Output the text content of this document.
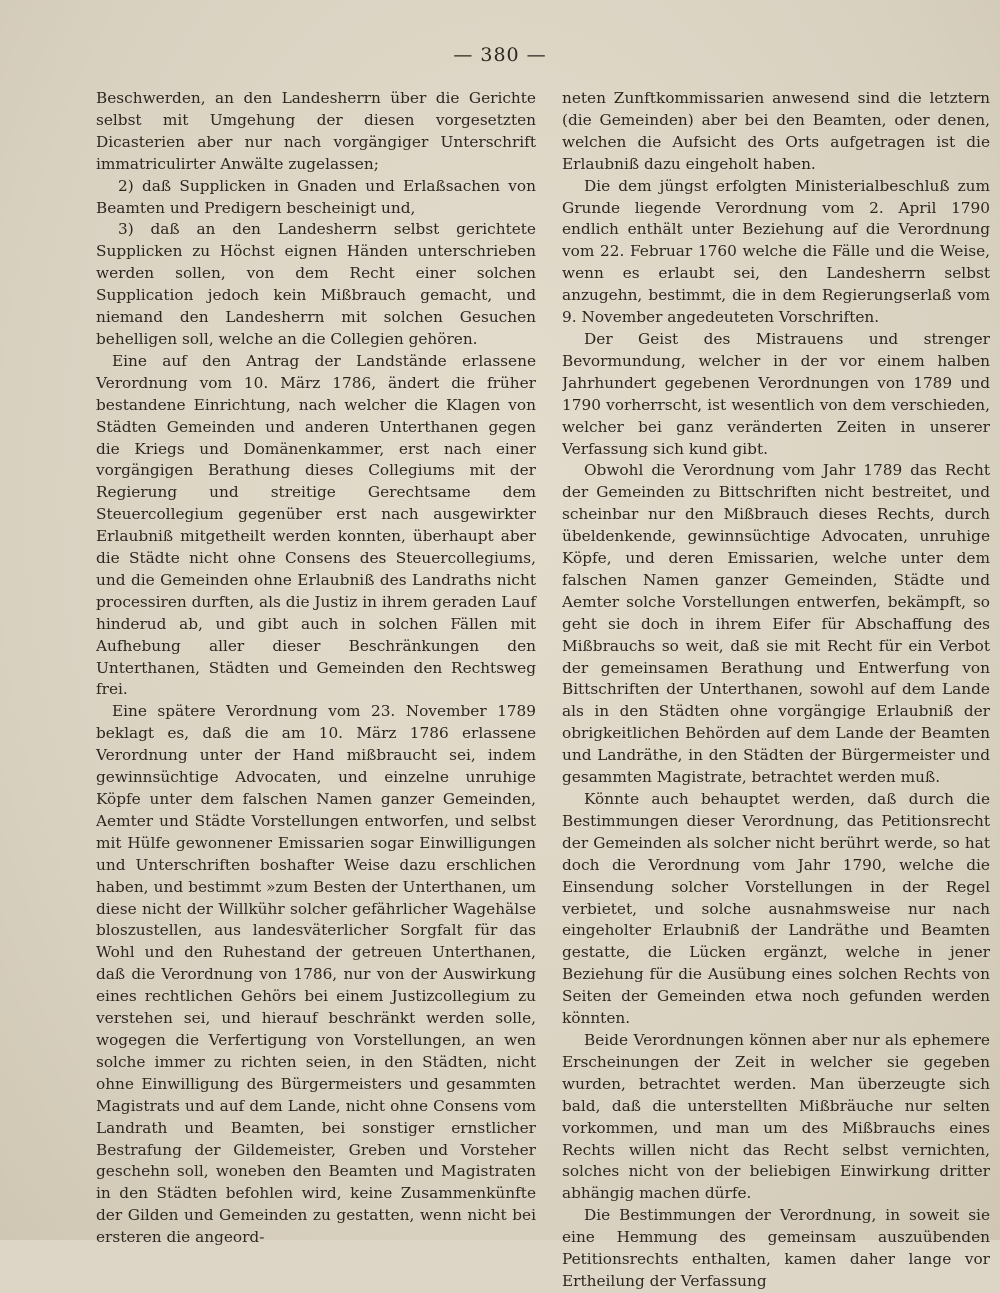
— 380 —

Beschwerden, an den Landesherrn über die Gerichte selbst mit Umgehung der diesen vorgesetzten Dicasterien aber nur nach vorgängiger Unterschrift immatriculirter Anwälte zugelassen;

2) daß Supplicken in Gnaden und Erlaßsachen von Beamten und Predigern bescheinigt und,

3) daß an den Landesherrn selbst gerichtete Supplicken zu Höchst eignen Händen unterschrieben werden sollen, von dem Recht einer solchen Supplication jedoch kein Mißbrauch gemacht, und niemand den Landesherrn mit solchen Gesuchen behelligen soll, welche an die Collegien gehören.

Eine auf den Antrag der Landstände erlassene Verordnung vom 10. März 1786, ändert die früher bestandene Einrichtung, nach welcher die Klagen von Städten Gemeinden und anderen Unterthanen gegen die Kriegs und Domänenkammer, erst nach einer vorgängigen Berathung dieses Collegiums mit der Regierung und streitige Gerechtsame dem Steuercollegium gegenüber erst nach ausgewirkter Erlaubniß mitgetheilt werden konnten, überhaupt aber die Städte nicht ohne Consens des Steuercollegiums, und die Gemeinden ohne Erlaubniß des Landraths nicht processiren durften, als die Justiz in ihrem geraden Lauf hinderud ab, und gibt auch in solchen Fällen mit Aufhebung aller dieser Beschränkungen den Unterthanen, Städten und Gemeinden den Rechtsweg frei.

Eine spätere Verordnung vom 23. November 1789 beklagt es, daß die am 10. März 1786 erlassene Verordnung unter der Hand mißbraucht sei, indem gewinnsüchtige Advocaten, und einzelne unruhige Köpfe unter dem falschen Namen ganzer Gemeinden, Aemter und Städte Vorstellungen entworfen, und selbst mit Hülfe gewonnener Emissarien sogar Einwilligungen und Unterschriften boshafter Weise dazu erschlichen haben, und bestimmt »zum Besten der Unterthanen, um diese nicht der Willkühr solcher gefährlicher Wagehälse bloszustellen, aus landesväterlicher Sorgfalt für das Wohl und den Ruhestand der getreuen Unterthanen, daß die Verordnung von 1786, nur von der Auswirkung eines rechtlichen Gehörs bei einem Justizcollegium zu verstehen sei, und hierauf beschränkt werden solle, wogegen die Verfertigung von Vorstellungen, an wen solche immer zu richten seien, in den Städten, nicht ohne Einwilligung des Bürgermeisters und gesammten Magistrats und auf dem Lande, nicht ohne Consens vom Landrath und Beamten, bei sonstiger ernstlicher Bestrafung der Gildemeister, Greben und Vorsteher geschehn soll, woneben den Beamten und Magistraten in den Städten befohlen wird, keine Zusammenkünfte der Gilden und Gemeinden zu gestatten, wenn nicht bei ersteren die angeord-

neten Zunftkommissarien anwesend sind die letztern (die Gemeinden) aber bei den Beamten, oder denen, welchen die Aufsicht des Orts aufgetragen ist die Erlaubniß dazu eingeholt haben.

Die dem jüngst erfolgten Ministerialbeschluß zum Grunde liegende Verordnung vom 2. April 1790 endlich enthält unter Beziehung auf die Verordnung vom 22. Februar 1760 welche die Fälle und die Weise, wenn es erlaubt sei, den Landesherrn selbst anzugehn, bestimmt, die in dem Regierungserlaß vom 9. November angedeuteten Vorschriften.

Der Geist des Mistrauens und strenger Bevormundung, welcher in der vor einem halben Jahrhundert gegebenen Verordnungen von 1789 und 1790 vorherrscht, ist wesentlich von dem verschieden, welcher bei ganz veränderten Zeiten in unserer Verfassung sich kund gibt.

Obwohl die Verordnung vom Jahr 1789 das Recht der Gemeinden zu Bittschriften nicht bestreitet, und scheinbar nur den Mißbrauch dieses Rechts, durch übeldenkende, gewinnsüchtige Advocaten, unruhige Köpfe, und deren Emissarien, welche unter dem falschen Namen ganzer Gemeinden, Städte und Aemter solche Vorstellungen entwerfen, bekämpft, so geht sie doch in ihrem Eifer für Abschaffung des Mißbrauchs so weit, daß sie mit Recht für ein Verbot der gemeinsamen Berathung und Entwerfung von Bittschriften der Unterthanen, sowohl auf dem Lande als in den Städten ohne vorgängige Erlaubniß der obrigkeitlichen Behörden auf dem Lande der Beamten und Landräthe, in den Städten der Bürgermeister und gesammten Magistrate, betrachtet werden muß.

Könnte auch behauptet werden, daß durch die Bestimmungen dieser Verordnung, das Petitionsrecht der Gemeinden als solcher nicht berührt werde, so hat doch die Verordnung vom Jahr 1790, welche die Einsendung solcher Vorstellungen in der Regel verbietet, und solche ausnahmsweise nur nach eingeholter Erlaubniß der Landräthe und Beamten gestatte, die Lücken ergänzt, welche in jener Beziehung für die Ausübung eines solchen Rechts von Seiten der Gemeinden etwa noch gefunden werden könnten.

Beide Verordnungen können aber nur als ephemere Erscheinungen der Zeit in welcher sie gegeben wurden, betrachtet werden. Man überzeugte sich bald, daß die unterstellten Mißbräuche nur selten vorkommen, und man um des Mißbrauchs eines Rechts willen nicht das Recht selbst vernichten, solches nicht von der beliebigen Einwirkung dritter abhängig machen dürfe.

Die Bestimmungen der Verordnung, in soweit sie eine Hemmung des gemeinsam auszuübenden Petitionsrechts enthalten, kamen daher lange vor Ertheilung der Verfassung
